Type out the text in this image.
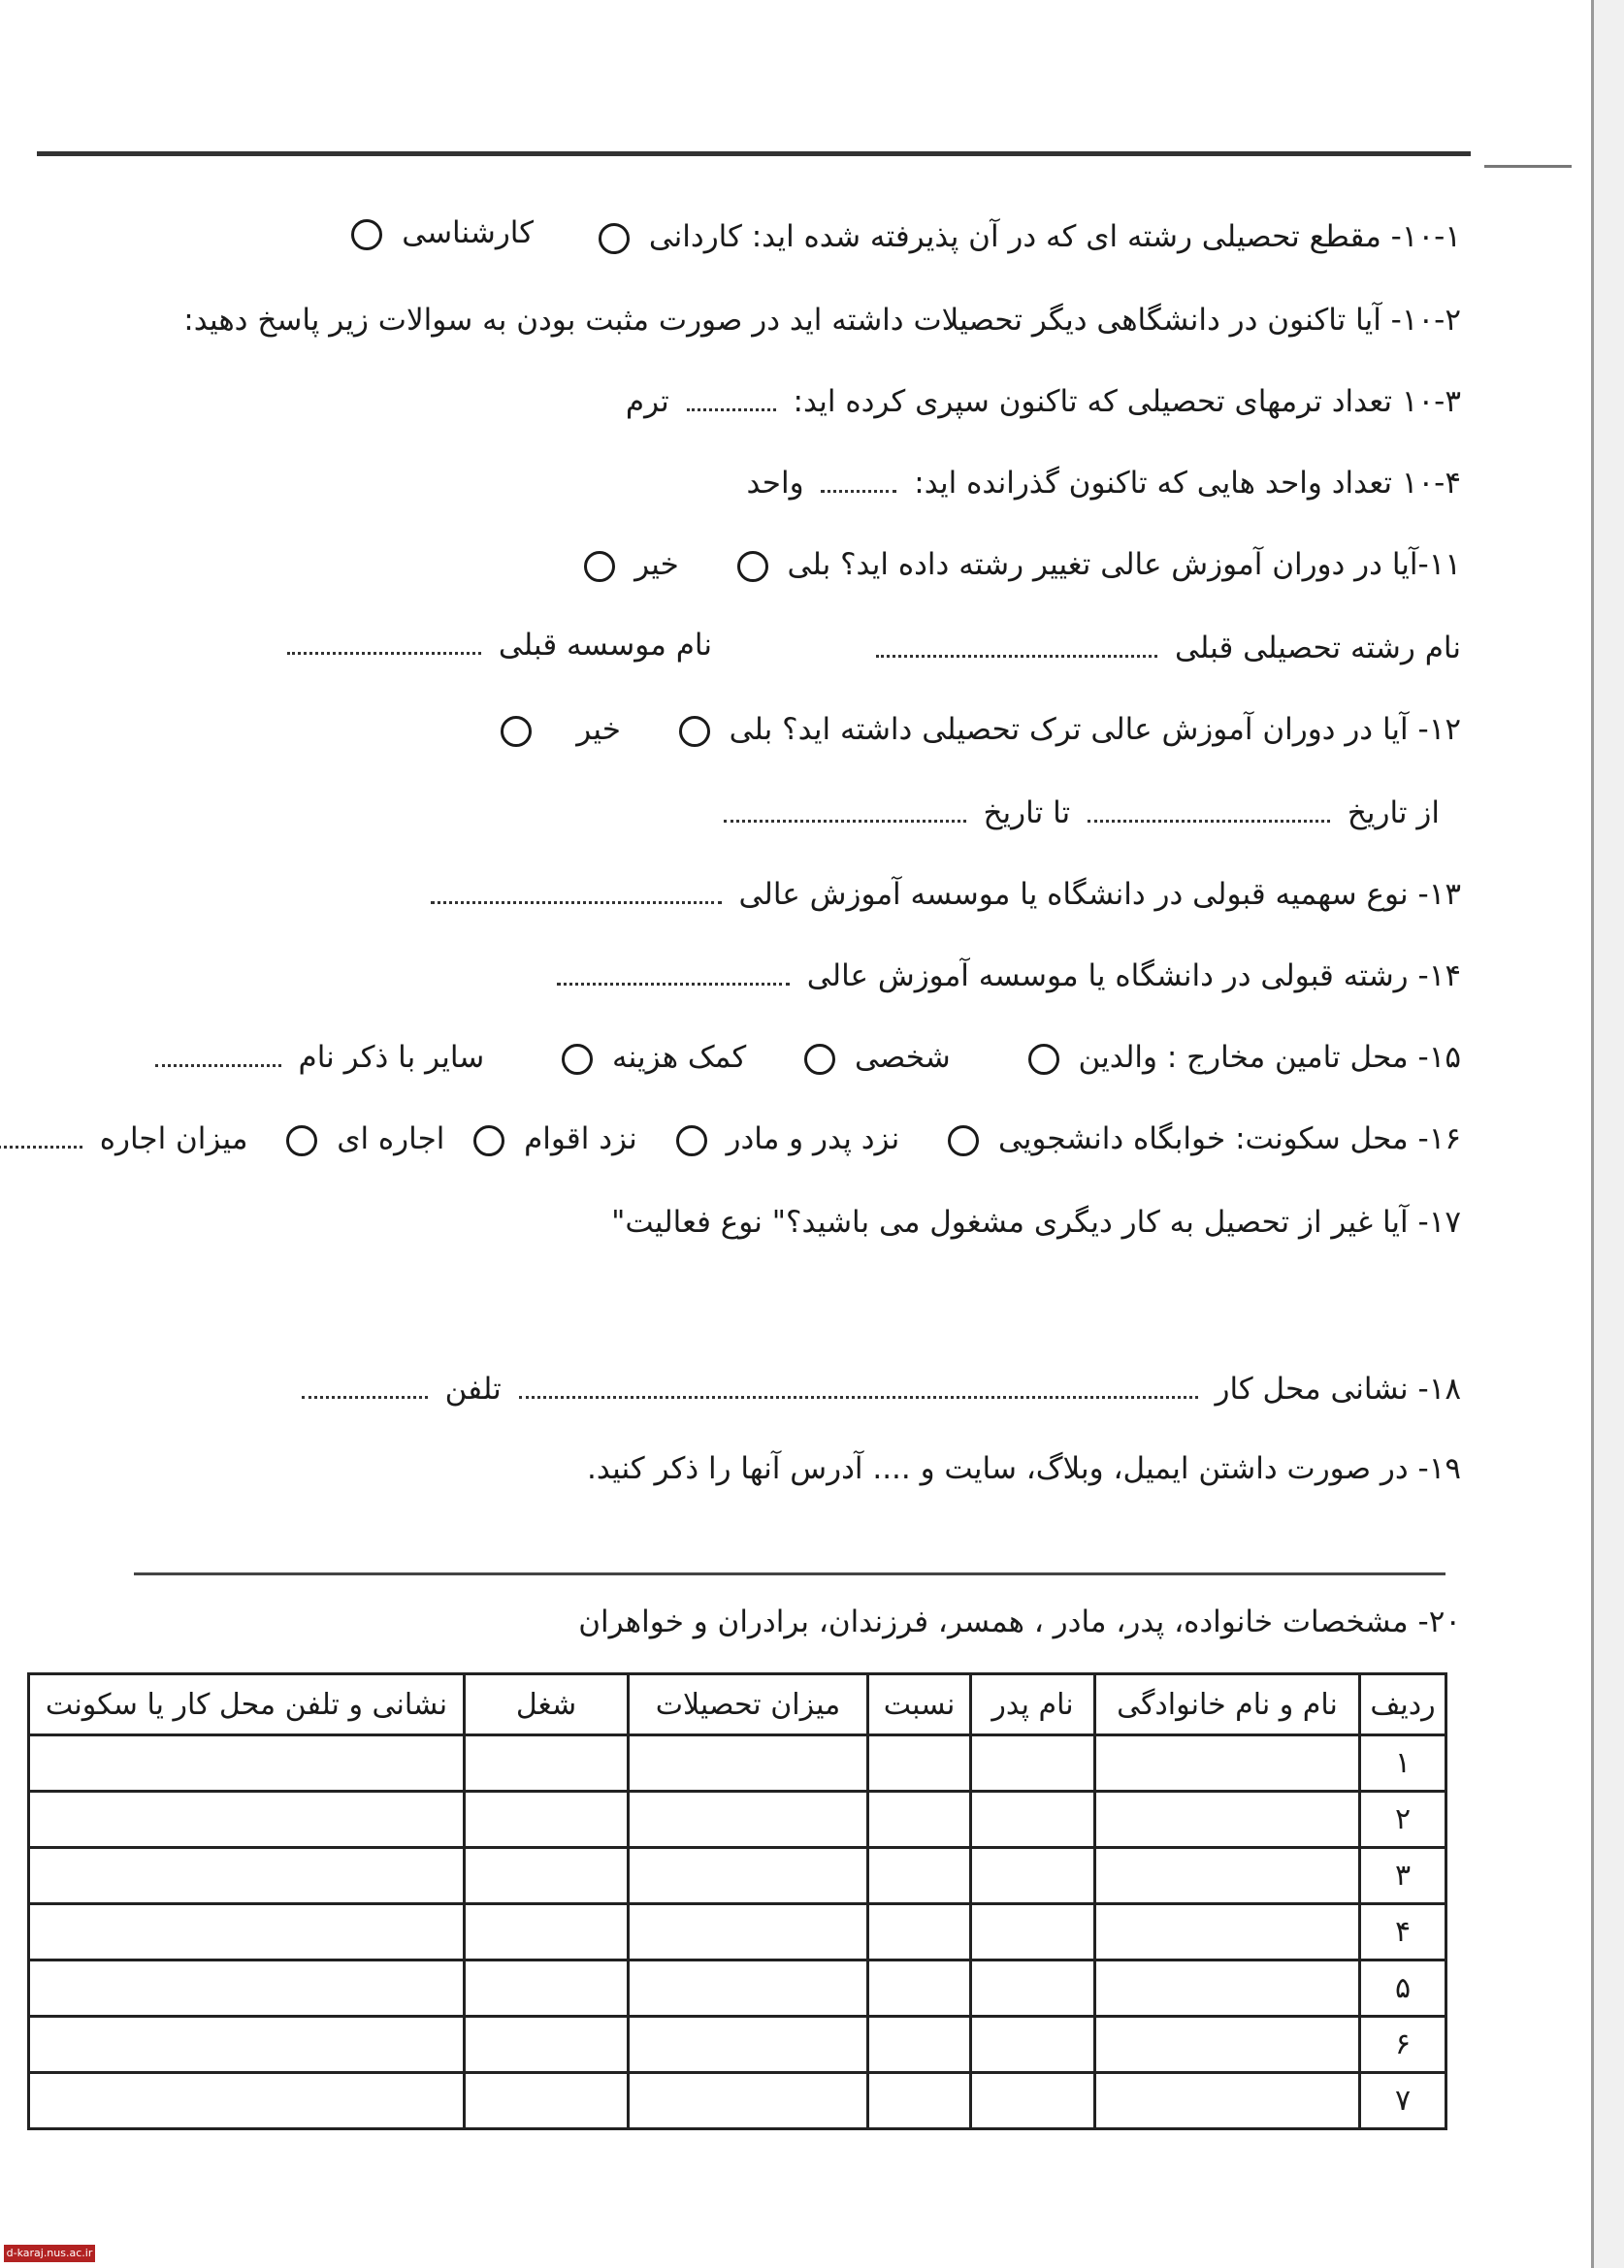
۱۰-۱- مقطع تحصیلی رشته ای که در آن پذیرفته شده اید: کاردانی
کارشناسی
۱۰-۲- آیا تاکنون در دانشگاهی دیگر تحصیلات داشته اید در صورت مثبت بودن به سوالات زیر پاسخ دهید:
۱۰-۳ تعداد ترمهای تحصیلی که تاکنون سپری کرده اید:  ترم
۱۰-۴ تعداد واحد هایی که تاکنون گذرانده اید:  واحد
۱۱-آیا در دوران آموزش عالی تغییر رشته داده اید؟ بلی  خیر
نام رشته تحصیلی قبلی
نام موسسه قبلی
۱۲- آیا در دوران آموزش عالی ترک تحصیلی داشته اید؟ بلی  خیر
از تاریخ  تا تاریخ
۱۳- نوع سهمیه قبولی در دانشگاه یا موسسه آموزش عالی
۱۴- رشته قبولی در دانشگاه یا موسسه آموزش عالی
۱۵- محل تامین مخارج : والدین  شخصی  کمک هزینه  سایر با ذکر نام
۱۶- محل سکونت: خوابگاه دانشجویی  نزد پدر و مادر  نزد اقوام  اجاره ای  میزان اجاره
۱۷- آیا غیر از تحصیل به کار دیگری مشغول می باشید؟" نوع فعالیت"
۱۸- نشانی محل کار  تلفن
۱۹- در صورت داشتن ایمیل، وبلاگ، سایت و .... آدرس آنها را ذکر کنید.
۲۰- مشخصات خانواده، پدر، مادر ، همسر، فرزندان، برادران و خواهران
ردیف	نام و نام خانوادگی	نام پدر	نسبت	میزان تحصیلات	شغل	نشانی و تلفن محل کار یا سکونت
۱						
۲						
۳						
۴						
۵						
۶						
۷						
d-karaj.nus.ac.ir
